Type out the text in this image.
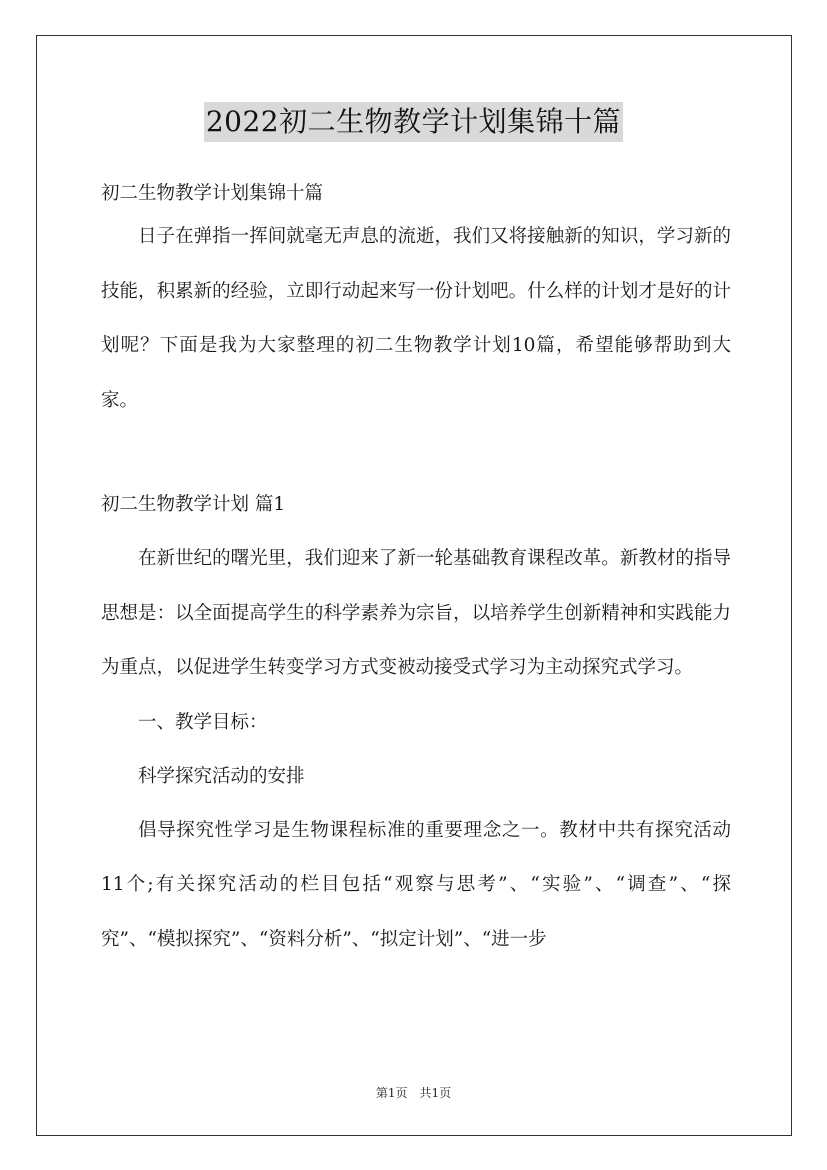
2022初二生物教学计划集锦十篇

初二生物教学计划集锦十篇

日子在弹指一挥间就毫无声息的流逝，我们又将接触新的知识，学习新的技能，积累新的经验，立即行动起来写一份计划吧。什么样的计划才是好的计划呢？下面是我为大家整理的初二生物教学计划10篇，希望能够帮助到大家。

初二生物教学计划 篇1

在新世纪的曙光里，我们迎来了新一轮基础教育课程改革。新教材的指导思想是：以全面提高学生的科学素养为宗旨，以培养学生创新精神和实践能力为重点，以促进学生转变学习方式变被动接受式学习为主动探究式学习。

一、教学目标：

科学探究活动的安排

倡导探究性学习是生物课程标准的重要理念之一。教材中共有探究活动11个;有关探究活动的栏目包括“观察与思考”、“实验”、“调查”、“探究”、“模拟探究”、“资料分析”、“拟定计划”、“进一步

第1页　共1页
